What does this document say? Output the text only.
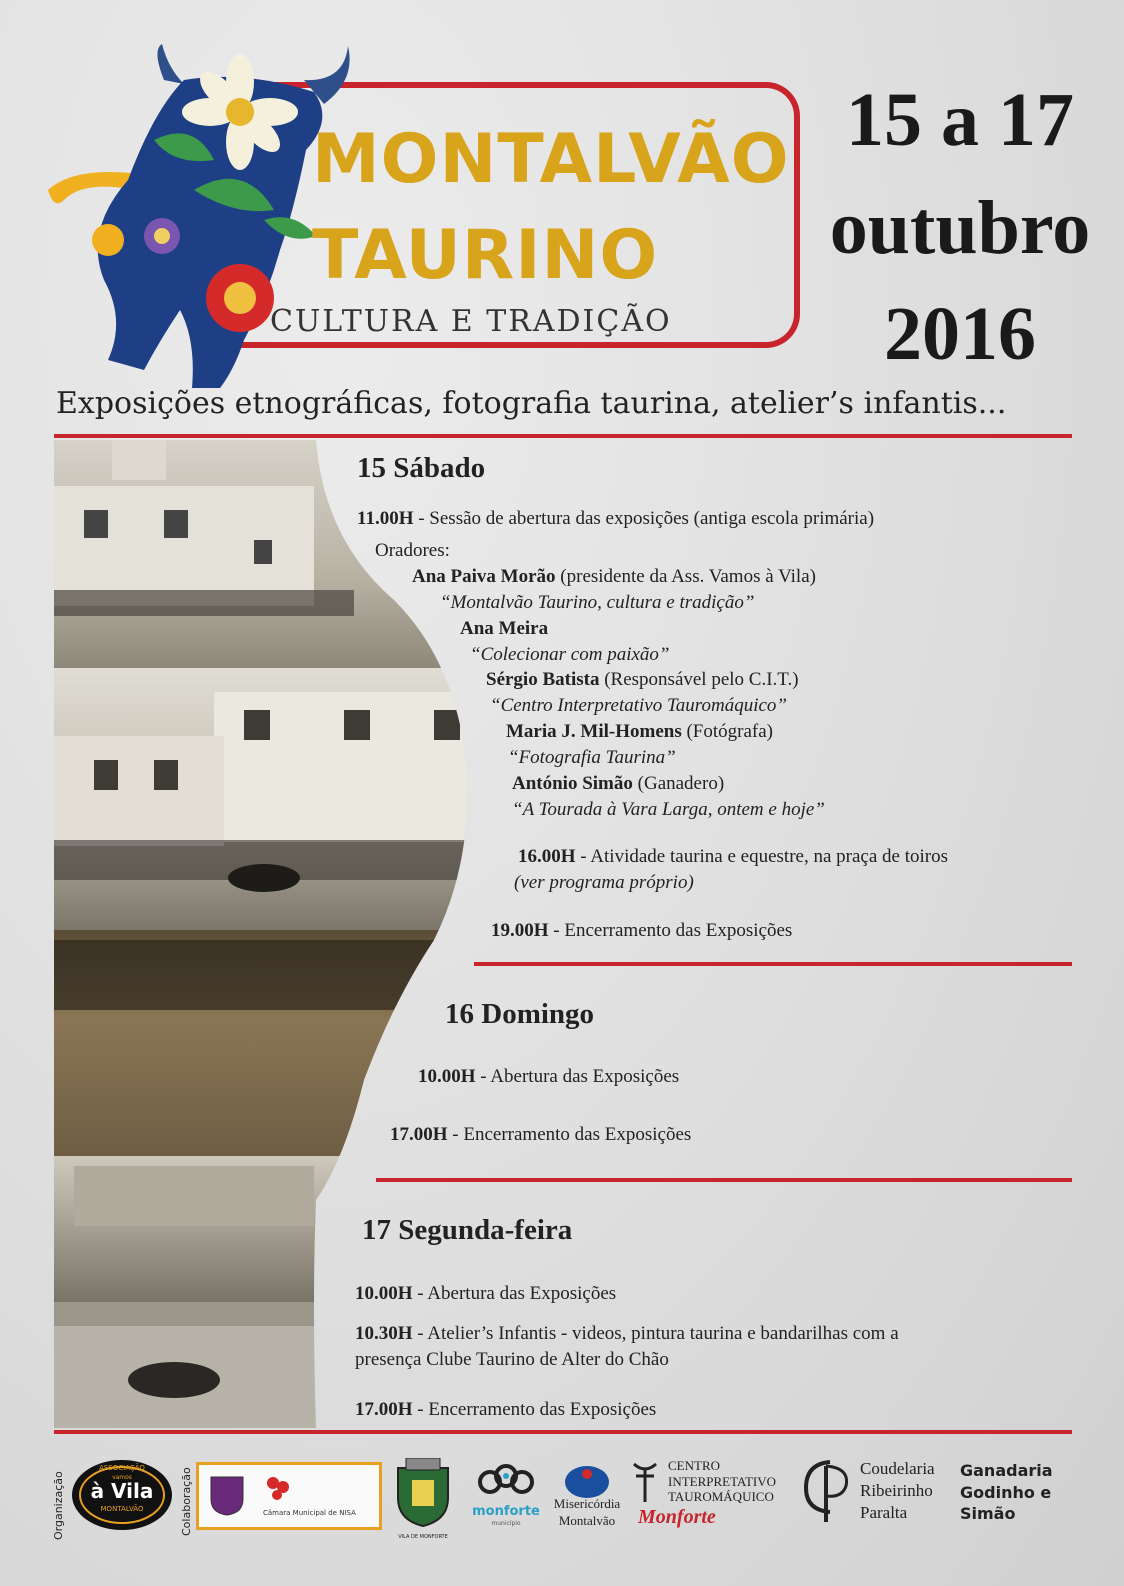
MONTALVÃO
TAURINO
CULTURA E TRADIÇÃO
15 a 17
outubro
2016
Exposições etnográficas, fotografia taurina, atelier’s infantis...
15 Sábado
11.00H - Sessão de abertura das exposições (antiga escola primária)
Oradores:
Ana Paiva Morão (presidente da Ass. Vamos à Vila)
“Montalvão Taurino, cultura e tradição”
Ana Meira
“Colecionar com paixão”
Sérgio Batista (Responsável pelo C.I.T.)
“Centro Interpretativo Tauromáquico”
Maria J. Mil-Homens (Fotógrafa)
“Fotografia Taurina”
António Simão (Ganadero)
“A Tourada à Vara Larga, ontem e hoje”
16.00H - Atividade taurina e equestre, na praça de toiros
(ver programa próprio)
19.00H - Encerramento das Exposições
16 Domingo
10.00H - Abertura das Exposições
17.00H - Encerramento das Exposições
17 Segunda-feira
10.00H - Abertura das Exposições
10.30H - Atelier’s Infantis - videos, pintura taurina e bandarilhas com a
presença Clube Taurino de Alter do Chão
17.00H - Encerramento das Exposições
Organização
ASSOCIAÇÃO
vamos
à Vila
MONTALVÃO	Colaboração	Câmara Municipal de NISA
VILA DE MONFORTE
monforte
município
Misericórdia
Montalvão
CENTRO
INTERPRETATIVO
TAUROMÁQUICO
Monforte
Coudelaria
Ribeirinho
Paralta
Ganadaria
Godinho e
Simão
